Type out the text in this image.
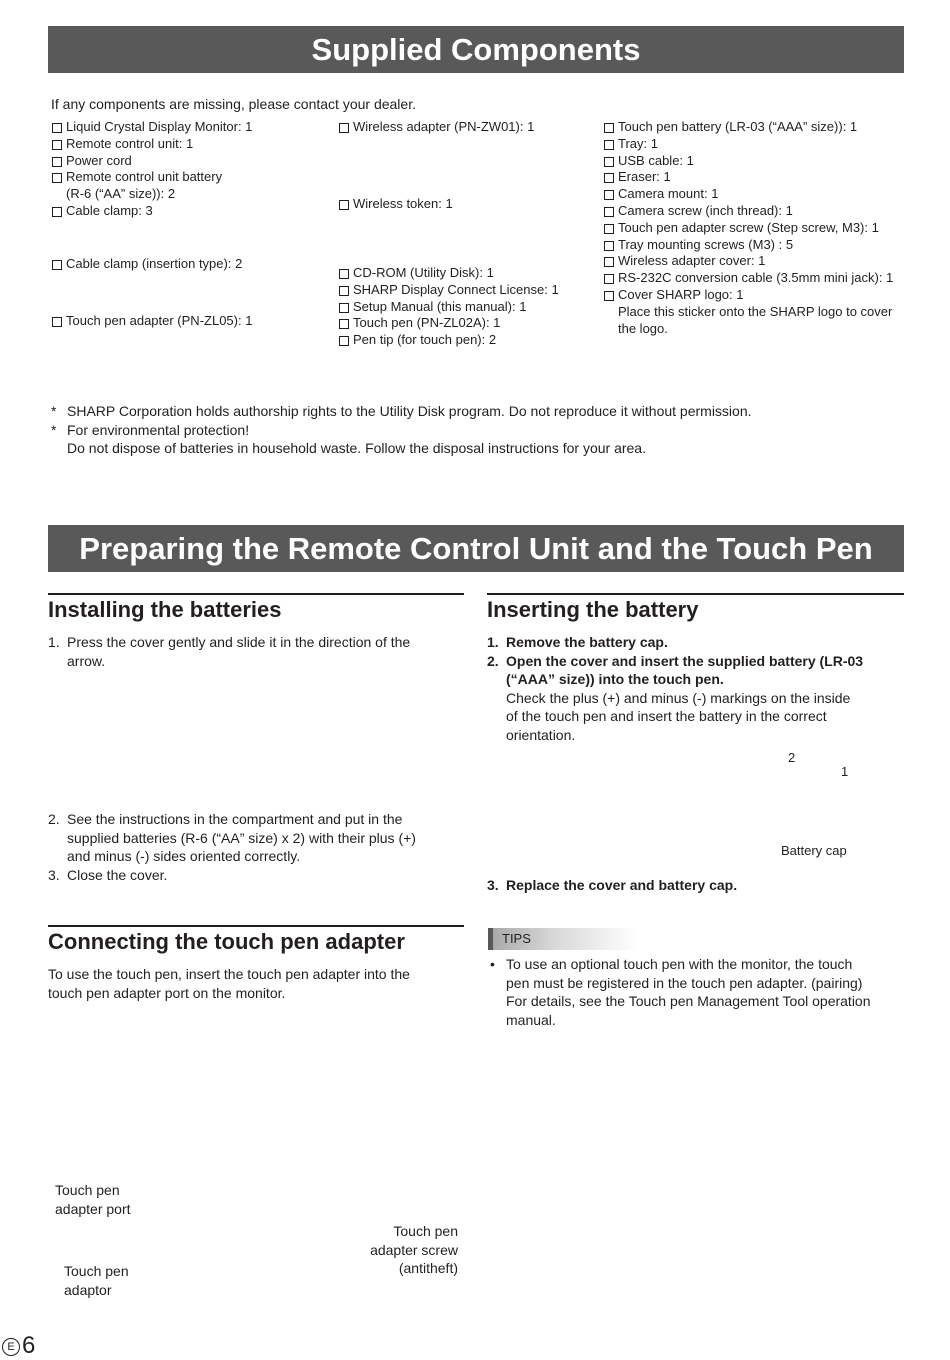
Supplied Components
If any components are missing, please contact your dealer.
Liquid Crystal Display Monitor: 1
Remote control unit: 1
Power cord
Remote control unit battery
(R-6 (“AA” size)): 2
Cable clamp: 3
Cable clamp (insertion type): 2
Touch pen adapter (PN-ZL05): 1
Wireless adapter (PN-ZW01): 1
Wireless token: 1
CD-ROM (Utility Disk): 1
SHARP Display Connect License: 1
Setup Manual (this manual): 1
Touch pen (PN-ZL02A): 1
Pen tip (for touch pen): 2
Touch pen battery (LR-03 (“AAA” size)): 1
Tray: 1
USB cable: 1
Eraser: 1
Camera mount: 1
Camera screw (inch thread): 1
Touch pen adapter screw (Step screw, M3): 1
Tray mounting screws (M3) : 5
Wireless adapter cover: 1
RS-232C conversion cable (3.5mm mini jack): 1
Cover SHARP logo: 1
Place this sticker onto the SHARP logo to cover
the logo.
* SHARP Corporation holds authorship rights to the Utility Disk program. Do not reproduce it without permission.
* For environmental protection!
Do not dispose of batteries in household waste. Follow the disposal instructions for your area.
Preparing the Remote Control Unit and the Touch Pen
Installing the batteries
1. Press the cover gently and slide it in the direction of the
arrow.
2. See the instructions in the compartment and put in the
supplied batteries (R-6 (“AA” size) x 2) with their plus (+)
and minus (-) sides oriented correctly.
3. Close the cover.
Inserting the battery
1. Remove the battery cap.
2. Open the cover and insert the supplied battery (LR-03
(“AAA” size)) into the touch pen.
Check the plus (+) and minus (-) markings on the inside
of the touch pen and insert the battery in the correct
orientation.
2
1
Battery cap
3. Replace the cover and battery cap.
Connecting the touch pen adapter
To use the touch pen, insert the touch pen adapter into the
touch pen adapter port on the monitor.
Touch pen
adapter port
Touch pen
adaptor
Touch pen
adapter screw
(antitheft)
TIPS
• To use an optional touch pen with the monitor, the touch
pen must be registered in the touch pen adapter. (pairing)
For details, see the Touch pen Management Tool operation
manual.
E 6
